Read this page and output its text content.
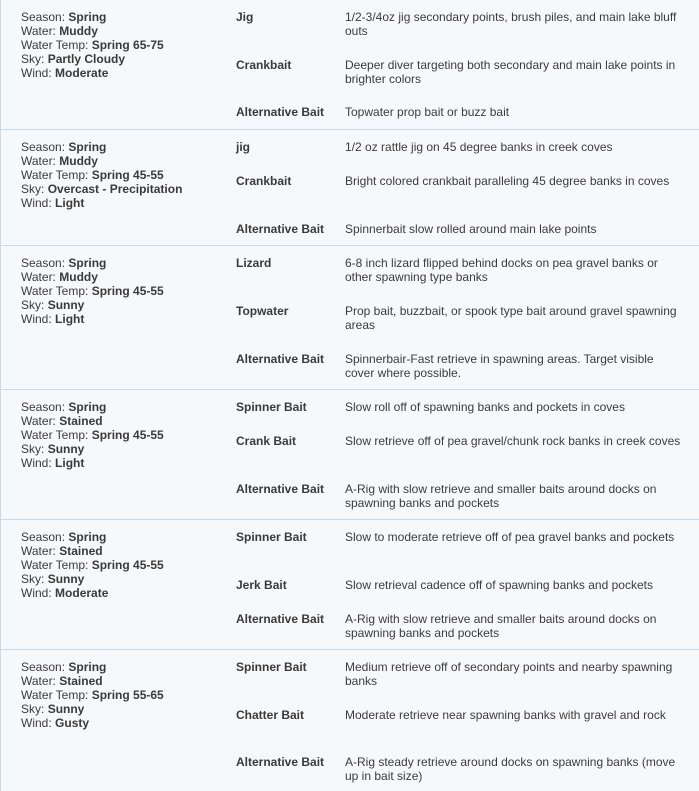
Season: Spring
Water: Muddy
Water Temp: Spring 65-75
Sky: Partly Cloudy
Wind: Moderate
Jig	1/2-3/4oz jig secondary points, brush piles, and main lake bluff outs
Crankbait	Deeper diver targeting both secondary and main lake points in brighter colors
Alternative Bait	Topwater prop bait or buzz bait
Season: Spring
Water: Muddy
Water Temp: Spring 45-55
Sky: Overcast - Precipitation
Wind: Light
jig	1/2 oz rattle jig on 45 degree banks in creek coves
Crankbait	Bright colored crankbait paralleling 45 degree banks in coves
Alternative Bait	Spinnerbait slow rolled around main lake points
Season: Spring
Water: Muddy
Water Temp: Spring 45-55
Sky: Sunny
Wind: Light
Lizard	6-8 inch lizard flipped behind docks on pea gravel banks or other spawning type banks
Topwater	Prop bait, buzzbait, or spook type bait around gravel spawning areas
Alternative Bait	Spinnerbair-Fast retrieve in spawning areas. Target visible cover where possible.
Season: Spring
Water: Stained
Water Temp: Spring 45-55
Sky: Sunny
Wind: Light
Spinner Bait	Slow roll off of spawning banks and pockets in coves
Crank Bait	Slow retrieve off of pea gravel/chunk rock banks in creek coves
Alternative Bait	A-Rig with slow retrieve and smaller baits around docks on spawning banks and pockets
Season: Spring
Water: Stained
Water Temp: Spring 45-55
Sky: Sunny
Wind: Moderate
Spinner Bait	Slow to moderate retrieve off of pea gravel banks and pockets
Jerk Bait	Slow retrieval cadence off of spawning banks and pockets
Alternative Bait	A-Rig with slow retrieve and smaller baits around docks on spawning banks and pockets
Season: Spring
Water: Stained
Water Temp: Spring 55-65
Sky: Sunny
Wind: Gusty
Spinner Bait	Medium retrieve off of secondary points and nearby spawning banks
Chatter Bait	Moderate retrieve near spawning banks with gravel and rock
Alternative Bait	A-Rig steady retrieve around docks on spawning banks (move up in bait size)
